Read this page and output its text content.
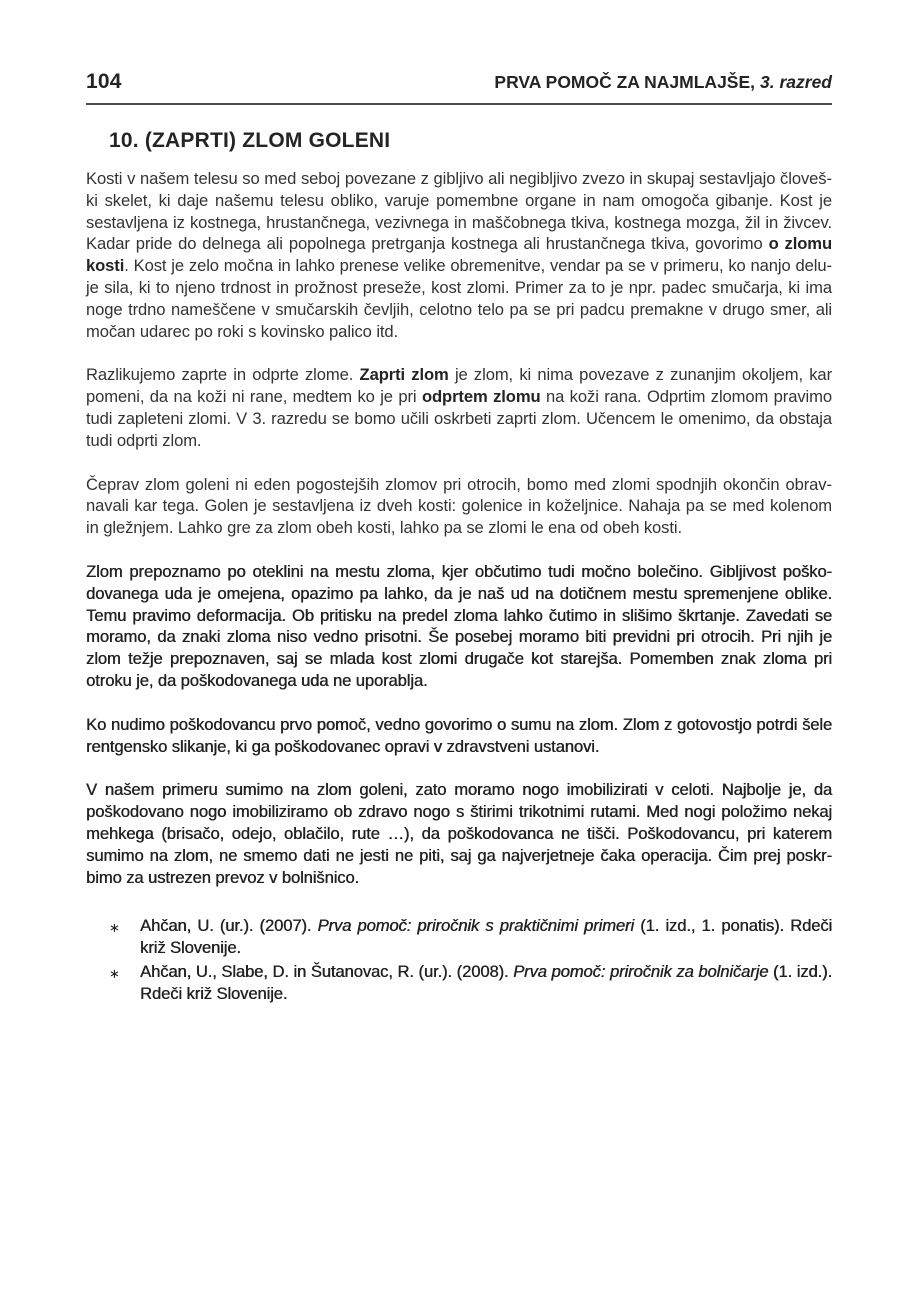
104	PRVA POMOČ ZA NAJMLAJŠE, 3. razred
10. (ZAPRTI) ZLOM GOLENI

Kosti v našem telesu so med seboj povezane z gibljivo ali negibljivo zvezo in skupaj sestavljajo človeški skelet, ki daje našemu telesu obliko, varuje pomembne organe in nam omogoča gibanje. Kost je sestavljena iz kostnega, hrustančnega, vezivnega in maščobnega tkiva, kostnega mozga, žil in živcev. Kadar pride do delnega ali popolnega pretrganja kostnega ali hrustančnega tkiva, govorimo o zlomu kosti. Kost je zelo močna in lahko prenese velike obremenitve, vendar pa se v primeru, ko nanjo deluje sila, ki to njeno trdnost in prožnost preseže, kost zlomi. Primer za to je npr. padec smučarja, ki ima noge trdno nameščene v smučarskih čevljih, celotno telo pa se pri padcu premakne v drugo smer, ali močan udarec po roki s kovinsko palico itd.

Razlikujemo zaprte in odprte zlome. Zaprti zlom je zlom, ki nima povezave z zunanjim okoljem, kar pomeni, da na koži ni rane, medtem ko je pri odprtem zlomu na koži rana. Odprtim zlomom pravimo tudi zapleteni zlomi. V 3. razredu se bomo učili oskrbeti zaprti zlom. Učencem le omenimo, da obstaja tudi odprti zlom.

Čeprav zlom goleni ni eden pogostejših zlomov pri otrocih, bomo med zlomi spodnjih okončin obravnavali kar tega. Golen je sestavljena iz dveh kosti: golenice in koželjnice. Nahaja pa se med kolenom in gležnjem. Lahko gre za zlom obeh kosti, lahko pa se zlomi le ena od obeh kosti.

Zlom prepoznamo po oteklini na mestu zloma, kjer občutimo tudi močno bolečino. Gibljivost poškodovanega uda je omejena, opazimo pa lahko, da je naš ud na dotičnem mestu spremenjene oblike. Temu pravimo deformacija. Ob pritisku na predel zloma lahko čutimo in slišimo škrtanje. Zavedati se moramo, da znaki zloma niso vedno prisotni. Še posebej moramo biti previdni pri otrocih. Pri njih je zlom težje prepoznaven, saj se mlada kost zlomi drugače kot starejša. Pomemben znak zloma pri otroku je, da poškodovanega uda ne uporablja.

Ko nudimo poškodovancu prvo pomoč, vedno govorimo o sumu na zlom. Zlom z gotovostjo potrdi šele rentgensko slikanje, ki ga poškodovanec opravi v zdravstveni ustanovi.

V našem primeru sumimo na zlom goleni, zato moramo nogo imobilizirati v celoti. Najbolje je, da poškodovano nogo imobiliziramo ob zdravo nogo s štirimi trikotnimi rutami. Med nogi položimo nekaj mehkega (brisačo, odejo, oblačilo, rute …), da poškodovanca ne tišči. Poškodovancu, pri katerem sumimo na zlom, ne smemo dati ne jesti ne piti, saj ga najverjetneje čaka operacija. Čim prej poskrbimo za ustrezen prevoz v bolnišnico.

∗	Ahčan, U. (ur.). (2007). Prva pomoč: priročnik s praktičnimi primeri (1. izd., 1. ponatis). Rdeči križ Slovenije.
∗	Ahčan, U., Slabe, D. in Šutanovac, R. (ur.). (2008). Prva pomoč: priročnik za bolničarje (1. izd.). Rdeči križ Slovenije.
